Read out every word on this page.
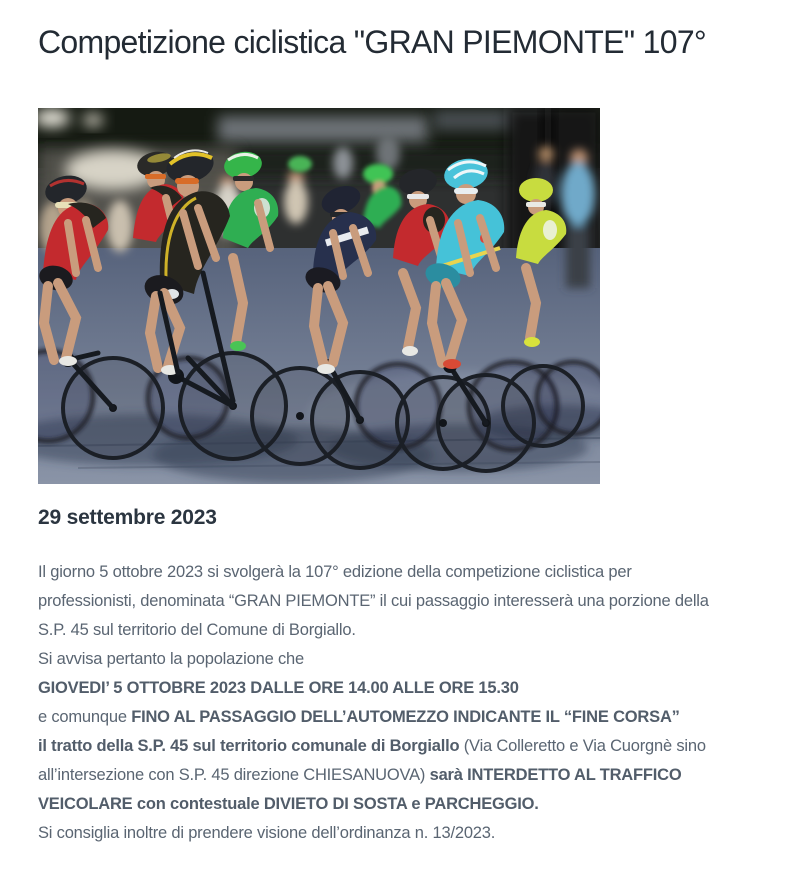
Competizione ciclistica "GRAN PIEMONTE" 107°
29 settembre 2023

Il giorno 5 ottobre 2023 si svolgerà la 107° edizione della competizione ciclistica per
professionisti, denominata “GRAN PIEMONTE” il cui passaggio interesserà una porzione della
S.P. 45 sul territorio del Comune di Borgiallo.
Si avvisa pertanto la popolazione che
GIOVEDI’ 5 OTTOBRE 2023 DALLE ORE 14.00 ALLE ORE 15.30
e comunque FINO AL PASSAGGIO DELL’AUTOMEZZO INDICANTE IL “FINE CORSA”
il tratto della S.P. 45 sul territorio comunale di Borgiallo (Via Colleretto e Via Cuorgnè sino
all’intersezione con S.P. 45 direzione CHIESANUOVA) sarà INTERDETTO AL TRAFFICO
VEICOLARE con contestuale DIVIETO DI SOSTA e PARCHEGGIO.
Si consiglia inoltre di prendere visione dell’ordinanza n. 13/2023.
